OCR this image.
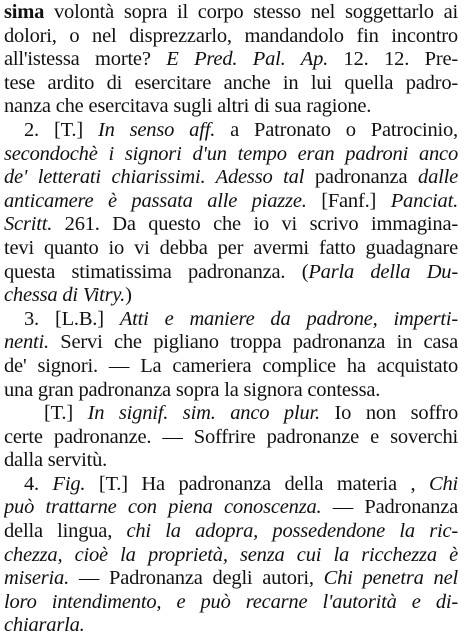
sima volontà sopra il corpo stesso nel soggettarlo ai
dolori, o nel disprezzarlo, mandandolo fin incontro
all'istessa morte? E Pred. Pal. Ap. 12. 12. Pre-
tese ardito di esercitare anche in lui quella padro-
nanza che esercitava sugli altri di sua ragione.
2. [T.] In senso aff. a Patronato o Patrocinio,
secondochè i signori d'un tempo eran padroni anco
de' letterati chiarissimi. Adesso tal padronanza dalle
anticamere è passata alle piazze. [Fanf.] Panciat.
Scritt. 261. Da questo che io vi scrivo immagina-
tevi quanto io vi debba per avermi fatto guadagnare
questa stimatissima padronanza. (Parla della Du-
chessa di Vitry.)
3. [L.B.] Atti e maniere da padrone, imperti-
nenti. Servi che pigliano troppa padronanza in casa
de' signori. — La cameriera complice ha acquistato
una gran padronanza sopra la signora contessa.
[T.] In signif. sim. anco plur. Io non soffro
certe padronanze. — Soffrire padronanze e soverchi
dalla servitù.
4. Fig. [T.] Ha padronanza della materia , Chi
può trattarne con piena conoscenza. — Padronanza
della lingua, chi la adopra, possedendone la ric-
chezza, cioè la proprietà, senza cui la ricchezza è
miseria. — Padronanza degli autori, Chi penetra nel
loro intendimento, e può recarne l'autorità e di-
chiararla.
